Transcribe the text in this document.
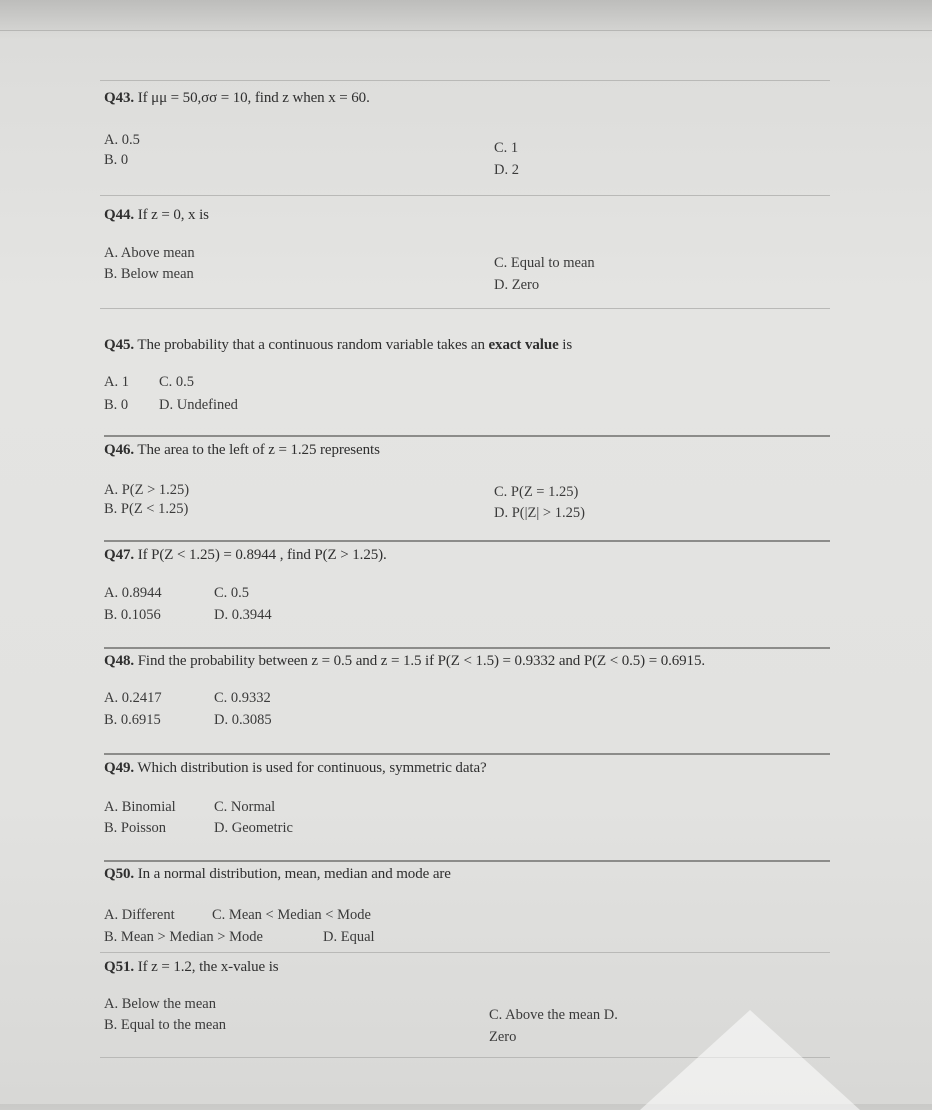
Q43. If μμ = 50,σσ = 10, find z when x = 60.
A. 0.5
B. 0
C. 1
D. 2
Q44. If z = 0, x is
A. Above mean
B. Below mean
C. Equal to mean
D. Zero
Q45. The probability that a continuous random variable takes an exact value is
A. 1 C. 0.5
B. 0 D. Undefined
Q46. The area to the left of z = 1.25 represents
A. P(Z > 1.25)
B. P(Z < 1.25)
C. P(Z = 1.25)
D. P(|Z| > 1.25)
Q47. If P(Z < 1.25) = 0.8944 , find P(Z > 1.25).
A. 0.8944	C. 0.5
B. 0.1056	D. 0.3944
Q48. Find the probability between z = 0.5 and z = 1.5 if P(Z < 1.5) = 0.9332 and P(Z < 0.5) = 0.6915.
A. 0.2417	C. 0.9332
B. 0.6915	D. 0.3085
Q49. Which distribution is used for continuous, symmetric data?
A. Binomial	C. Normal
B. Poisson	D. Geometric
Q50. In a normal distribution, mean, median and mode are
A. Different	C. Mean < Median < Mode
B. Mean > Median > Mode	D. Equal
Q51. If z = 1.2, the x-value is
A. Below the mean
B. Equal to the mean
C. Above the mean D.
Zero
